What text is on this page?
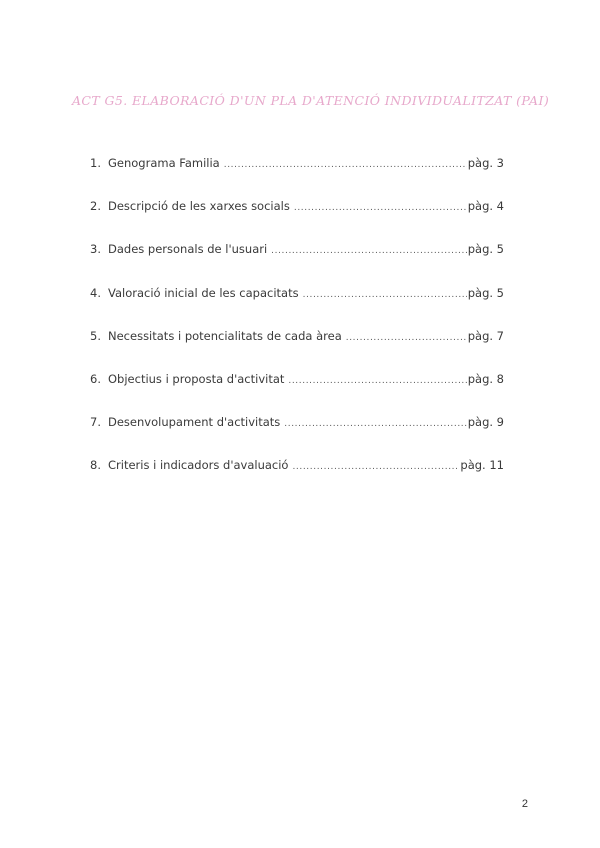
ACT G5. ELABORACIÓ D'UN PLA D'ATENCIÓ INDIVIDUALITZAT (PAI)
1. Genograma Familia .....	pàg. 3
2. Descripció de les xarxes socials .....	pàg. 4
3. Dades personals de l'usuari .....	pàg. 5
4. Valoració inicial de les capacitats .....	pàg. 5
5. Necessitats i potencialitats de cada àrea .....	pàg. 7
6. Objectius i proposta d'activitat .....	pàg. 8
7. Desenvolupament d'activitats .....	pàg. 9
8. Criteris i indicadors d'avaluació .....	pàg. 11
2
